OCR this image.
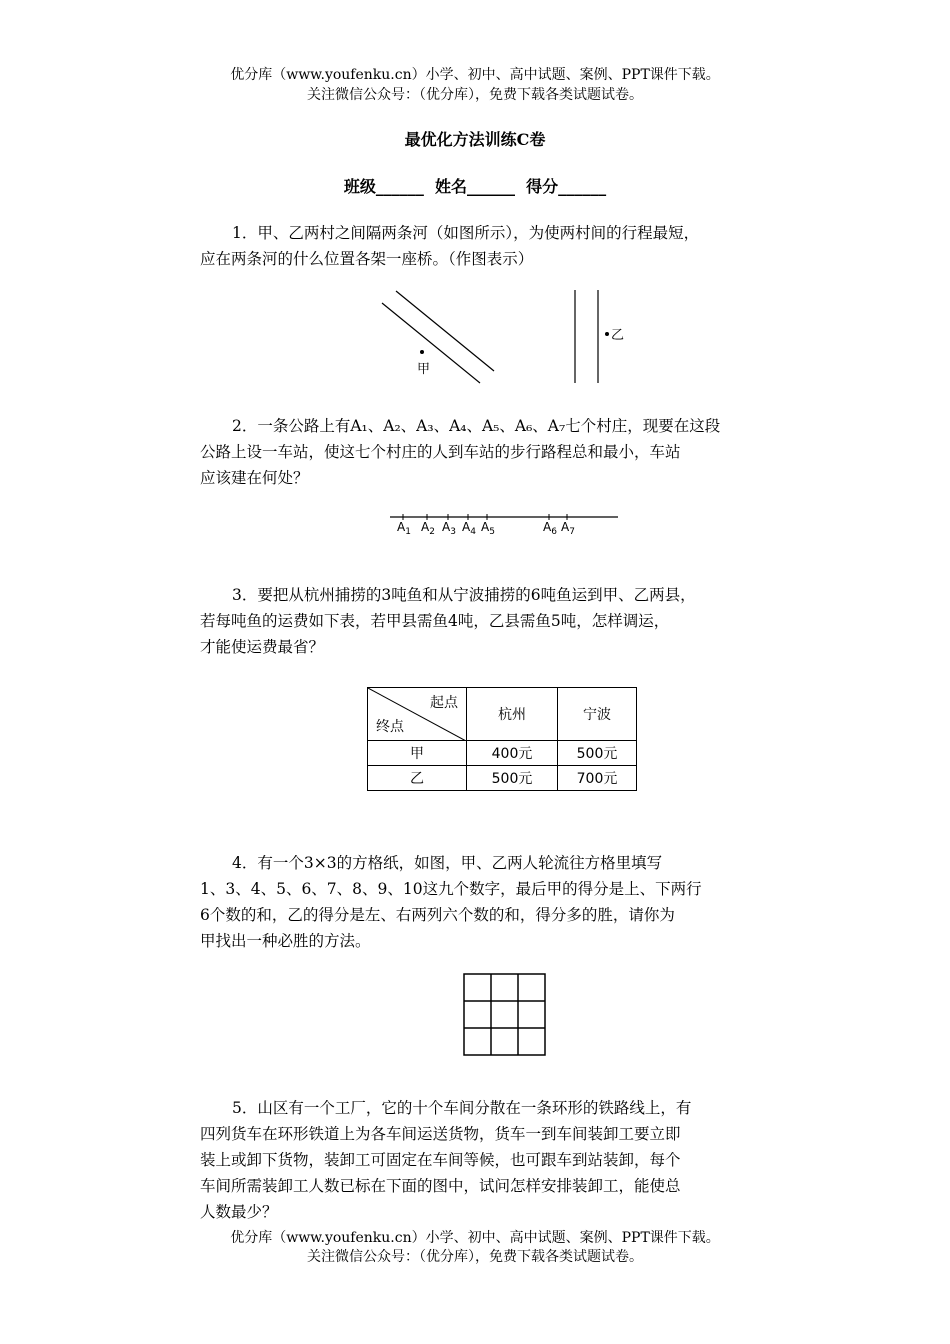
优分库（www.youfenku.cn）小学、初中、高中试题、案例、PPT课件下载。
关注微信公众号：（优分库），免费下载各类试题试卷。
最优化方法训练C卷
班级______  姓名______  得分______
1．甲、乙两村之间隔两条河（如图所示），为使两村间的行程最短，
应在两条河的什么位置各架一座桥。（作图表示）
甲
乙
2．一条公路上有A₁、A₂、A₃、A₄、A₅、A₆、A₇七个村庄，现要在这段
公路上设一车站，使这七个村庄的人到车站的步行路程总和最小，车站
应该建在何处？
$A_1$ $A_2$ $A_3$ $A_4$ $A_5$	$A_6$ $A_7$
3．要把从杭州捕捞的3吨鱼和从宁波捕捞的6吨鱼运到甲、乙两县，
若每吨鱼的运费如下表，若甲县需鱼4吨，乙县需鱼5吨，怎样调运，
才能使运费最省？
起点
终点	杭州	宁波
甲	400元	500元
乙	500元	700元
4．有一个3×3的方格纸，如图，甲、乙两人轮流往方格里填写
1、3、4、5、6、7、8、9、10这九个数字，最后甲的得分是上、下两行
6个数的和，乙的得分是左、右两列六个数的和，得分多的胜，请你为
甲找出一种必胜的方法。
5．山区有一个工厂，它的十个车间分散在一条环形的铁路线上，有
四列货车在环形铁道上为各车间运送货物，货车一到车间装卸工要立即
装上或卸下货物，装卸工可固定在车间等候，也可跟车到站装卸，每个
车间所需装卸工人数已标在下面的图中，试问怎样安排装卸工，能使总
人数最少？
优分库（www.youfenku.cn）小学、初中、高中试题、案例、PPT课件下载。
关注微信公众号：（优分库），免费下载各类试题试卷。
